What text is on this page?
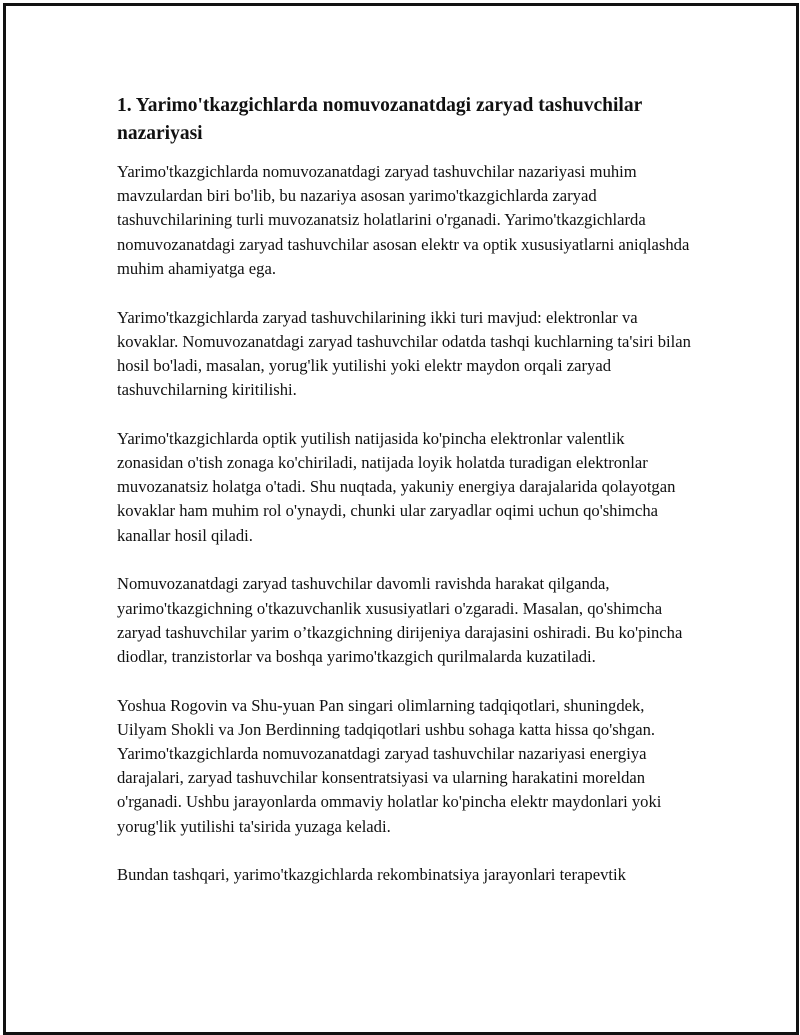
1. Yarimo'tkazgichlarda nomuvozanatdagi zaryad tashuvchilar nazariyasi

Yarimo'tkazgichlarda nomuvozanatdagi zaryad tashuvchilar nazariyasi muhim mavzulardan biri bo'lib, bu nazariya asosan yarimo'tkazgichlarda zaryad tashuvchilarining turli muvozanatsiz holatlarini o'rganadi. Yarimo'tkazgichlarda nomuvozanatdagi zaryad tashuvchilar asosan elektr va optik xususiyatlarni aniqlashda muhim ahamiyatga ega.

Yarimo'tkazgichlarda zaryad tashuvchilarining ikki turi mavjud: elektronlar va kovaklar. Nomuvozanatdagi zaryad tashuvchilar odatda tashqi kuchlarning ta'siri bilan hosil bo'ladi, masalan, yorug'lik yutilishi yoki elektr maydon orqali zaryad tashuvchilarning kiritilishi.

Yarimo'tkazgichlarda optik yutilish natijasida ko'pincha elektronlar valentlik zonasidan o'tish zonaga ko'chiriladi, natijada loyik holatda turadigan elektronlar muvozanatsiz holatga o'tadi. Shu nuqtada, yakuniy energiya darajalarida qolayotgan kovaklar ham muhim rol o'ynaydi, chunki ular zaryadlar oqimi uchun qo'shimcha kanallar hosil qiladi.

Nomuvozanatdagi zaryad tashuvchilar davomli ravishda harakat qilganda, yarimo'tkazgichning o'tkazuvchanlik xususiyatlari o'zgaradi. Masalan, qo'shimcha zaryad tashuvchilar yarim o’tkazgichning dirijeniya darajasini oshiradi. Bu ko'pincha diodlar, tranzistorlar va boshqa yarimo'tkazgich qurilmalarda kuzatiladi.

Yoshua Rogovin va Shu-yuan Pan singari olimlarning tadqiqotlari, shuningdek, Uilyam Shokli va Jon Berdinning tadqiqotlari ushbu sohaga katta hissa qo'shgan. Yarimo'tkazgichlarda nomuvozanatdagi zaryad tashuvchilar nazariyasi energiya darajalari, zaryad tashuvchilar konsentratsiyasi va ularning harakatini moreldan o'rganadi. Ushbu jarayonlarda ommaviy holatlar ko'pincha elektr maydonlari yoki yorug'lik yutilishi ta'sirida yuzaga keladi.

Bundan tashqari, yarimo'tkazgichlarda rekombinatsiya jarayonlari terapevtik
